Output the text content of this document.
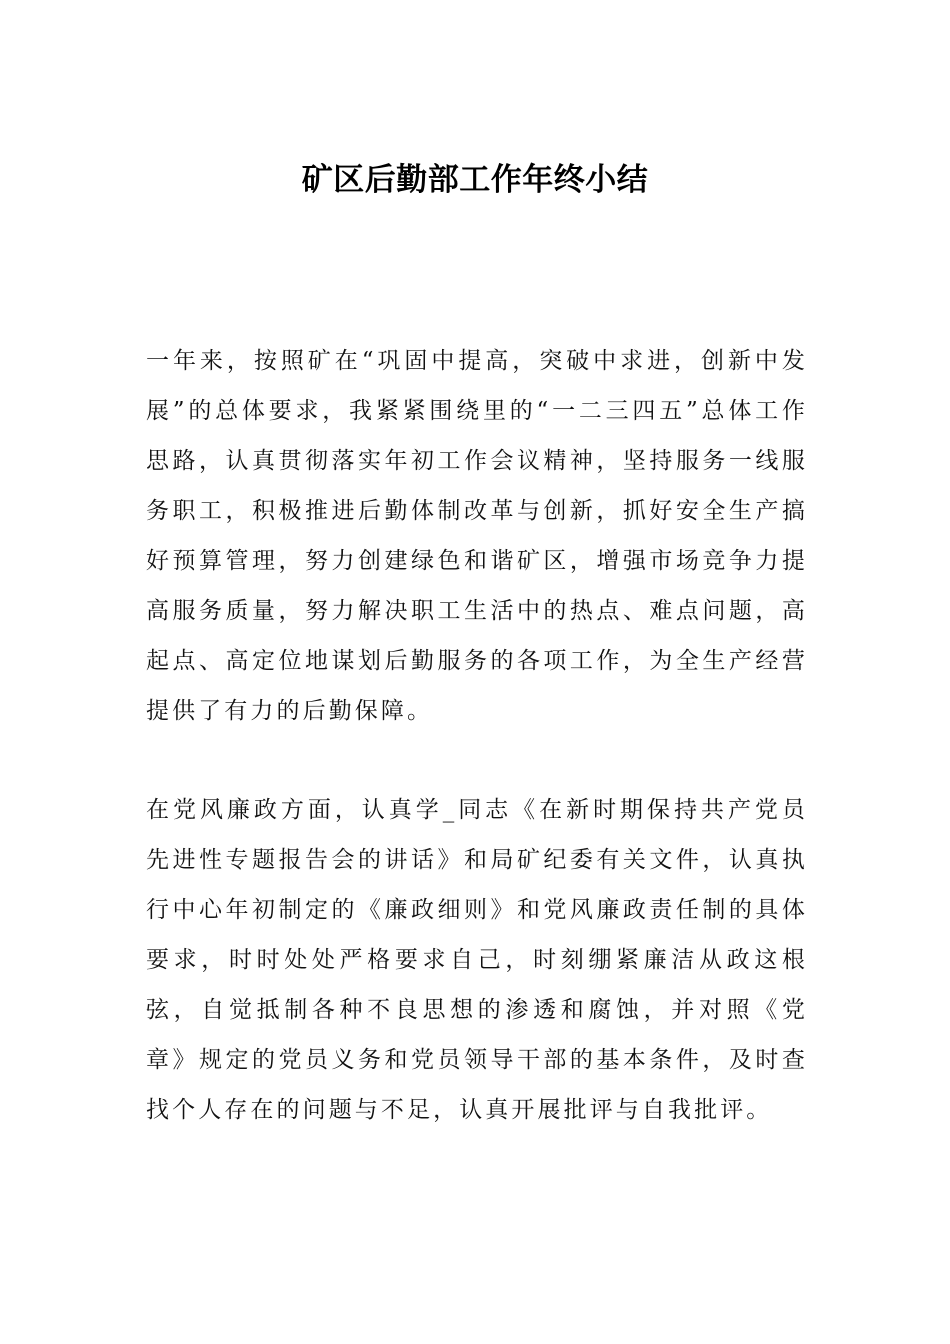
矿区后勤部工作年终小结

一年来，按照矿在“巩固中提高，突破中求进，创新中发展”的总体要求，我紧紧围绕里的“一二三四五”总体工作思路，认真贯彻落实年初工作会议精神，坚持服务一线服务职工，积极推进后勤体制改革与创新，抓好安全生产搞好预算管理，努力创建绿色和谐矿区，增强市场竞争力提高服务质量，努力解决职工生活中的热点、难点问题，高起点、高定位地谋划后勤服务的各项工作，为全生产经营提供了有力的后勤保障。

在党风廉政方面，认真学_同志《在新时期保持共产党员先进性专题报告会的讲话》和局矿纪委有关文件，认真执行中心年初制定的《廉政细则》和党风廉政责任制的具体要求，时时处处严格要求自己，时刻绷紧廉洁从政这根弦，自觉抵制各种不良思想的渗透和腐蚀，并对照《党章》规定的党员义务和党员领导干部的基本条件，及时查找个人存在的问题与不足，认真开展批评与自我批评。
